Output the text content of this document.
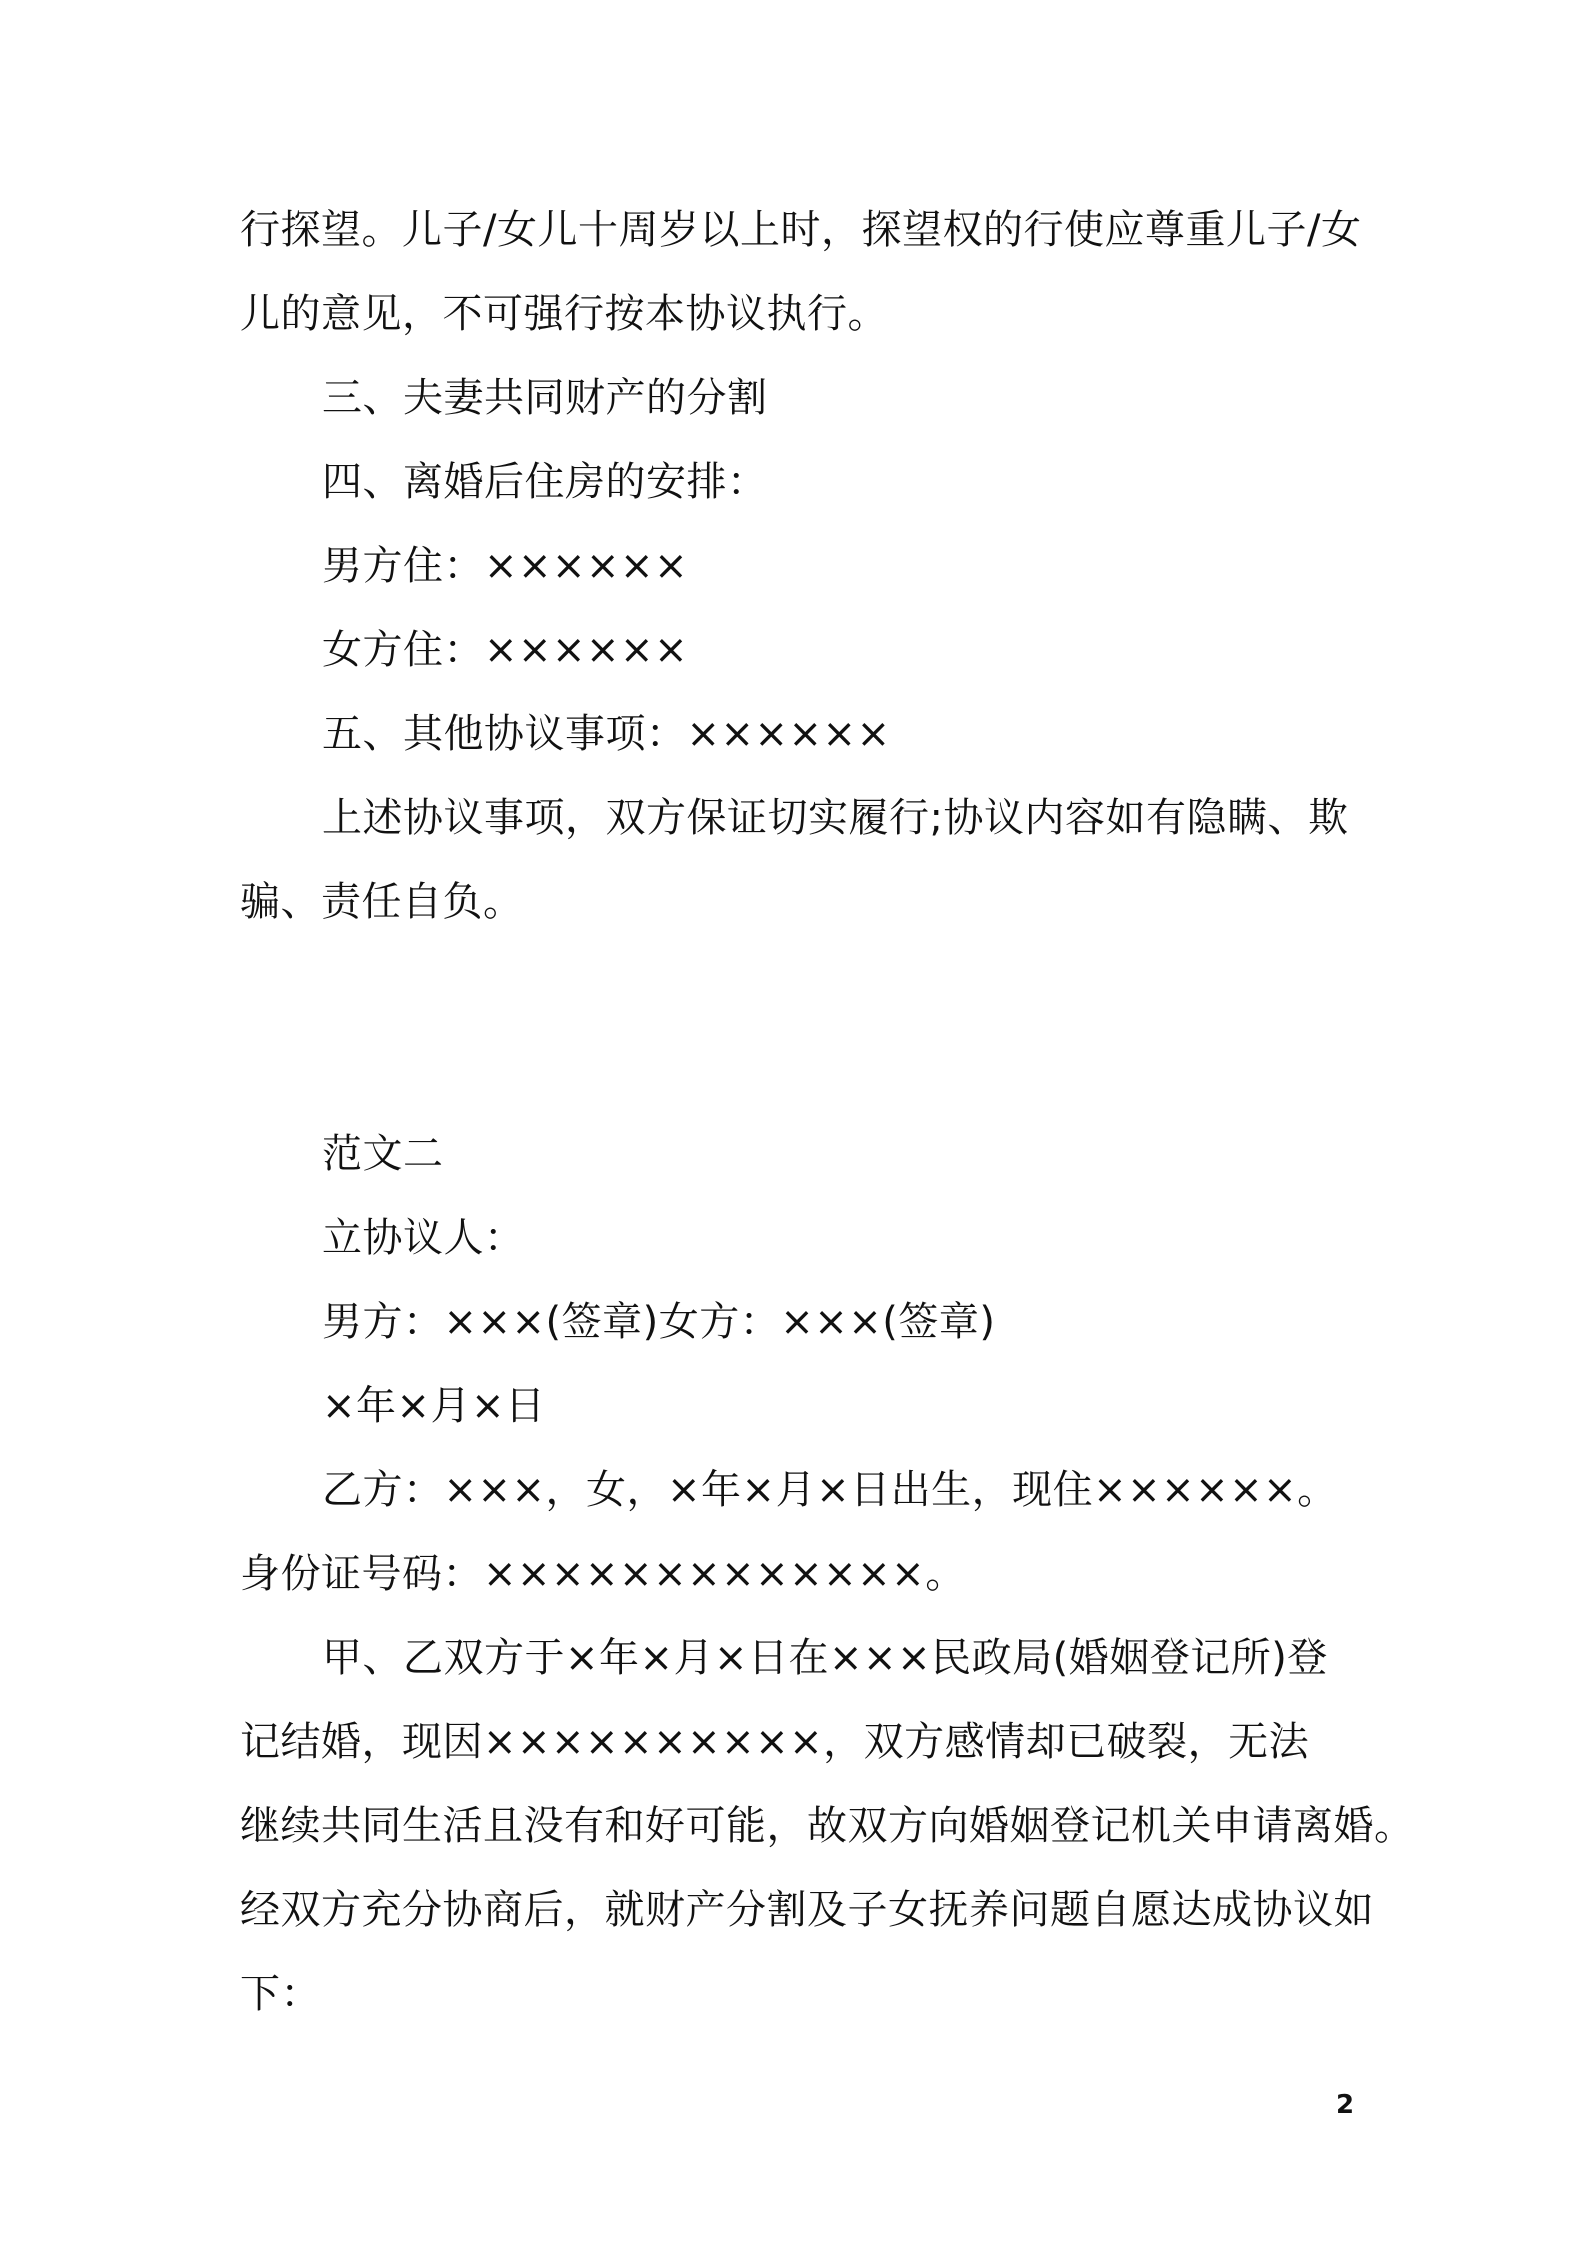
行探望。儿子/女儿十周岁以上时，探望权的行使应尊重儿子/女
儿的意见，不可强行按本协议执行。
三、夫妻共同财产的分割
四、离婚后住房的安排：
男方住：××××××
女方住：××××××
五、其他协议事项：××××××
上述协议事项，双方保证切实履行;协议内容如有隐瞒、欺
骗、责任自负。
范文二
立协议人：
男方：×××(签章)女方：×××(签章)
×年×月×日
乙方：×××，女，×年×月×日出生，现住××××××。
身份证号码：×××××××××××××。
甲、乙双方于×年×月×日在×××民政局(婚姻登记所)登
记结婚，现因××××××××××，双方感情却已破裂，无法
继续共同生活且没有和好可能，故双方向婚姻登记机关申请离婚。
经双方充分协商后，就财产分割及子女抚养问题自愿达成协议如
下：
2
